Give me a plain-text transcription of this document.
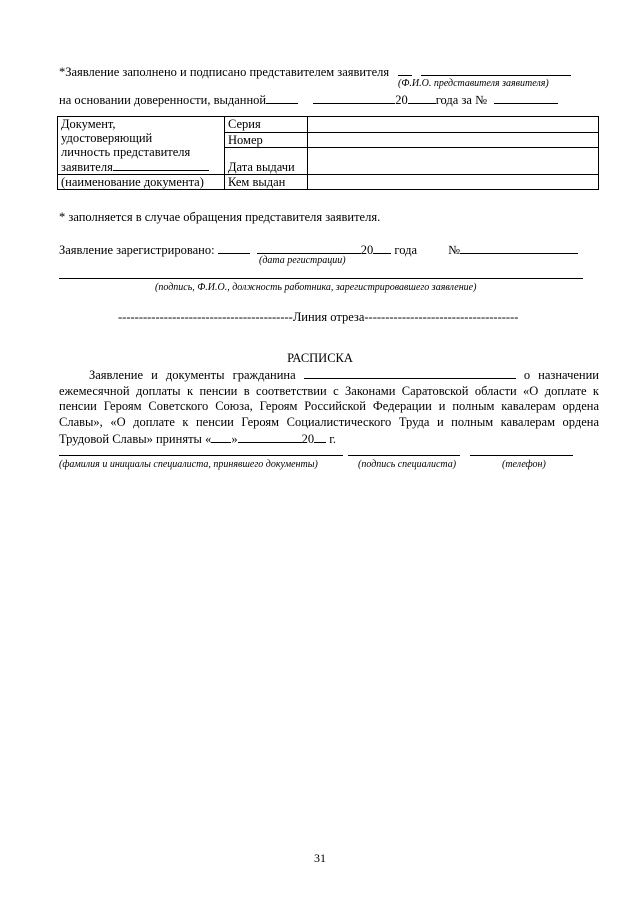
*Заявление заполнено и подписано представителем заявителя
(Ф.И.О. представителя заявителя)
на основании доверенности, выданной	20 года за №
Документ,
удостоверяющий
личность представителя
заявителя	Серия	
	Номер	
	Дата выдачи	

(наименование документа)	Кем выдан	
* заполняется в случае обращения представителя заявителя.
Заявление зарегистрировано:	20 года №
(дата регистрации)
(подпись, Ф.И.О., должность работника, зарегистрировавшего заявление)
------------------------------------------Линия отреза-------------------------------------
РАСПИСКА
Заявление и документы гражданина	о назначении ежемесячной доплаты к пенсии в соответствии с Законами Саратовской области «О доплате к пенсии Героям Советского Союза, Героям Российской Федерации и полным кавалерам ордена Славы», «О доплате к пенсии Героям Социалистического Труда и полным кавалерам ордена Трудовой Славы» приняты « »	20 г.
(фамилия и инициалы специалиста, принявшего документы)	(подпись специалиста)	(телефон)
31
